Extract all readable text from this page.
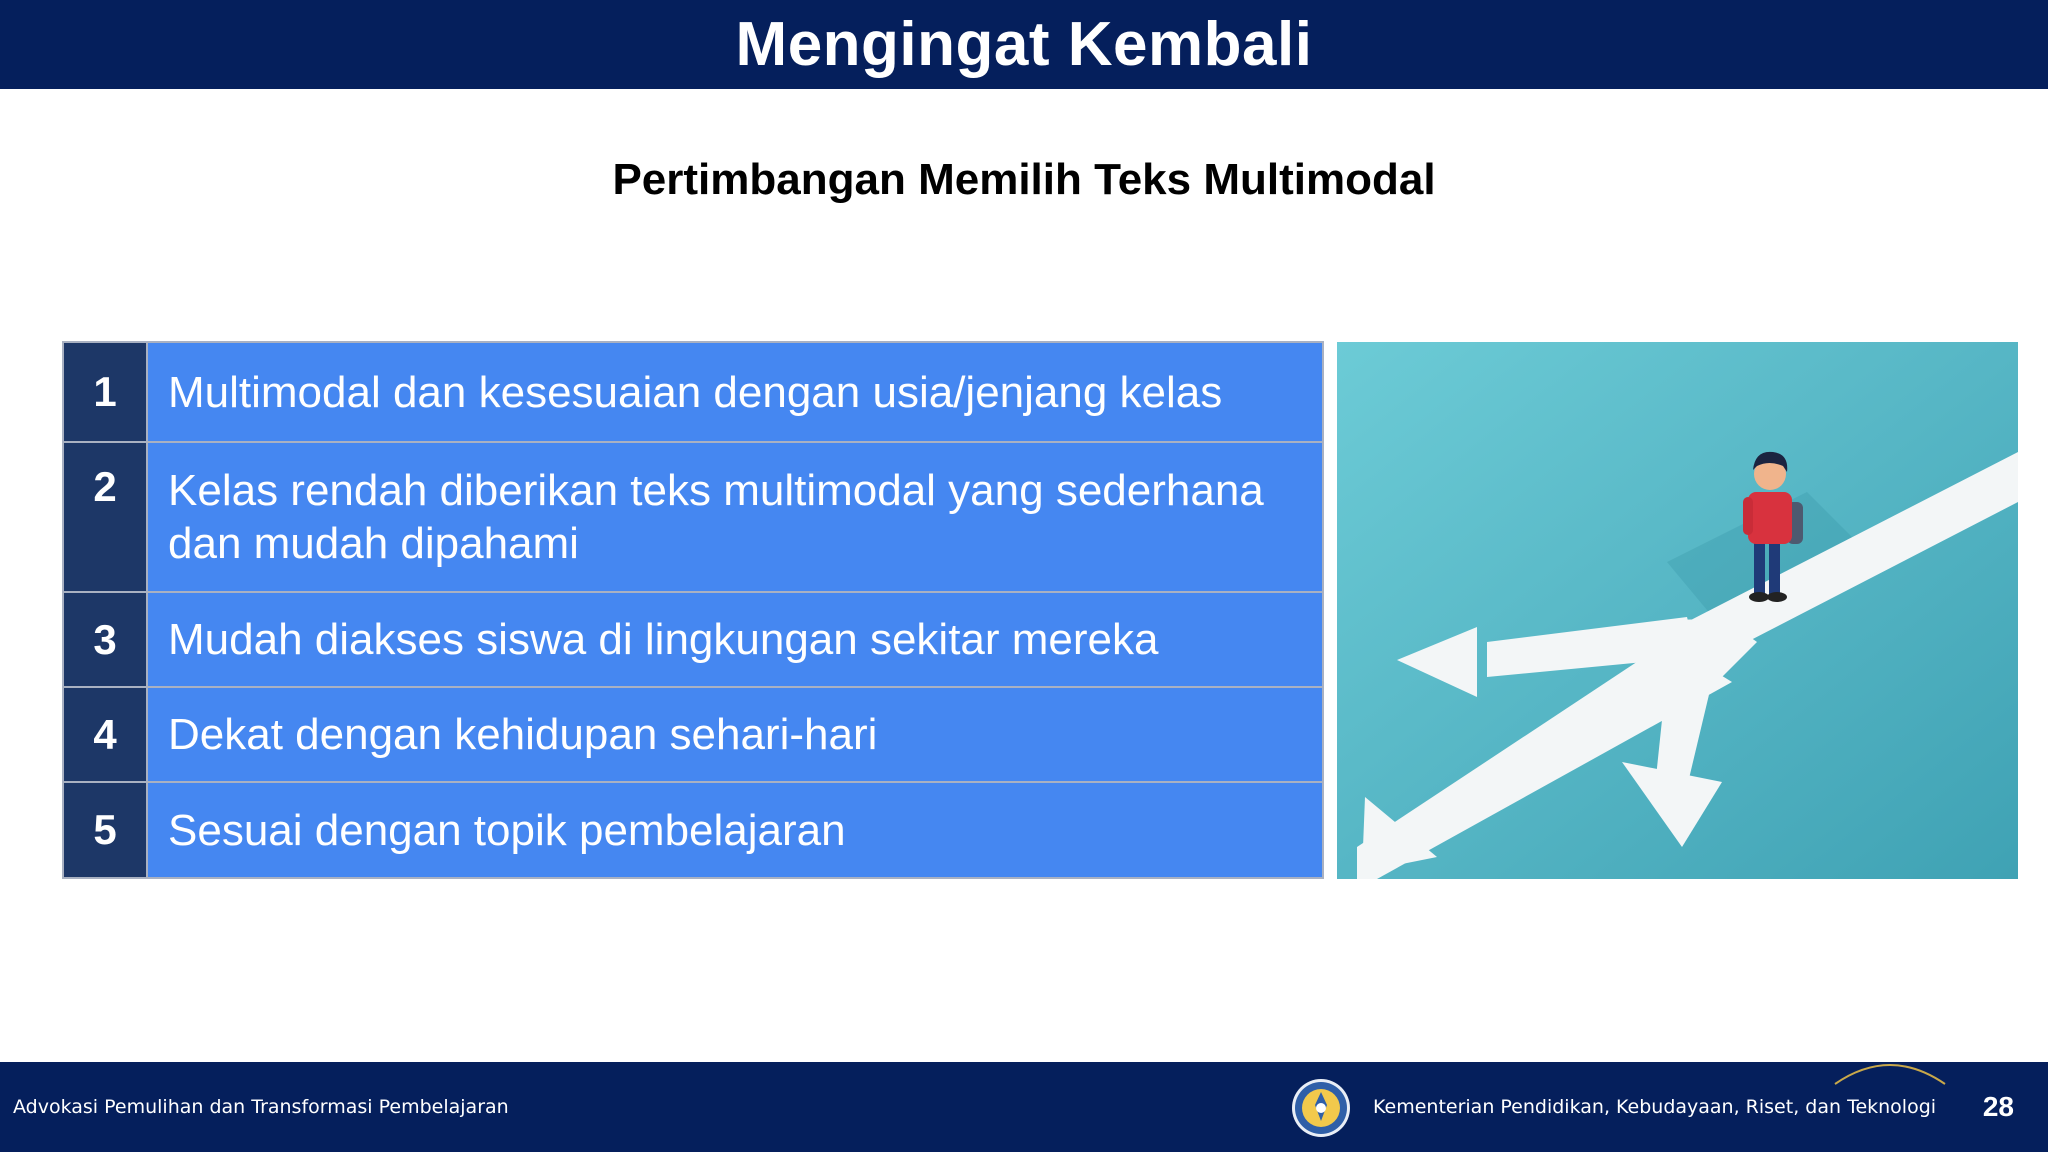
Mengingat Kembali
Pertimbangan Memilih Teks Multimodal
1	Multimodal dan kesesuaian dengan usia/jenjang kelas
2	Kelas rendah diberikan teks multimodal yang sederhana dan mudah dipahami
3	Mudah diakses siswa di lingkungan sekitar mereka
4	Dekat dengan kehidupan sehari-hari
5	Sesuai dengan topik pembelajaran
Advokasi Pemulihan dan Transformasi Pembelajaran	Kementerian Pendidikan, Kebudayaan, Riset, dan Teknologi 28
